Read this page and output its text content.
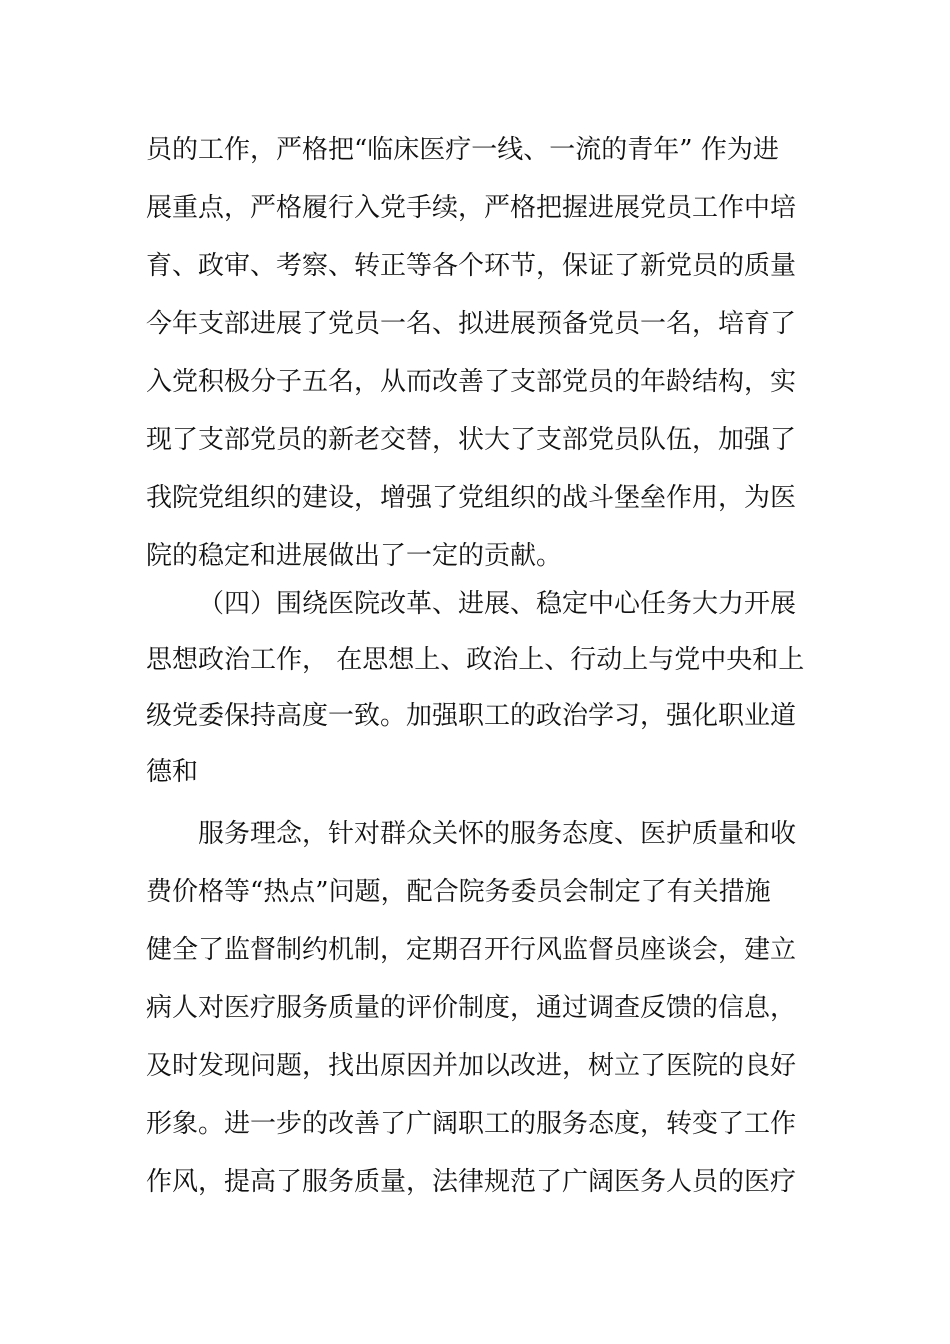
员的工作，严格把“临床医疗一线、一流的青年” 作为进
展重点，严格履行入党手续，严格把握进展党员工作中培
育、政审、考察、转正等各个环节，保证了新党员的质量
今年支部进展了党员一名、拟进展预备党员一名，培育了
入党积极分子五名，从而改善了支部党员的年龄结构，实
现了支部党员的新老交替，状大了支部党员队伍，加强了
我院党组织的建设，增强了党组织的战斗堡垒作用，为医
院的稳定和进展做出了一定的贡献。
（四）围绕医院改革、进展、稳定中心任务大力开展
思想政治工作， 在思想上、政治上、行动上与党中央和上
级党委保持高度一致。加强职工的政治学习，强化职业道
德和
服务理念，针对群众关怀的服务态度、医护质量和收
费价格等“热点”问题，配合院务委员会制定了有关措施
健全了监督制约机制，定期召开行风监督员座谈会，建立
病人对医疗服务质量的评价制度，通过调查反馈的信息，
及时发现问题，找出原因并加以改进，树立了医院的良好
形象。进一步的改善了广阔职工的服务态度，转变了工作
作风，提高了服务质量，法律规范了广阔医务人员的医疗
